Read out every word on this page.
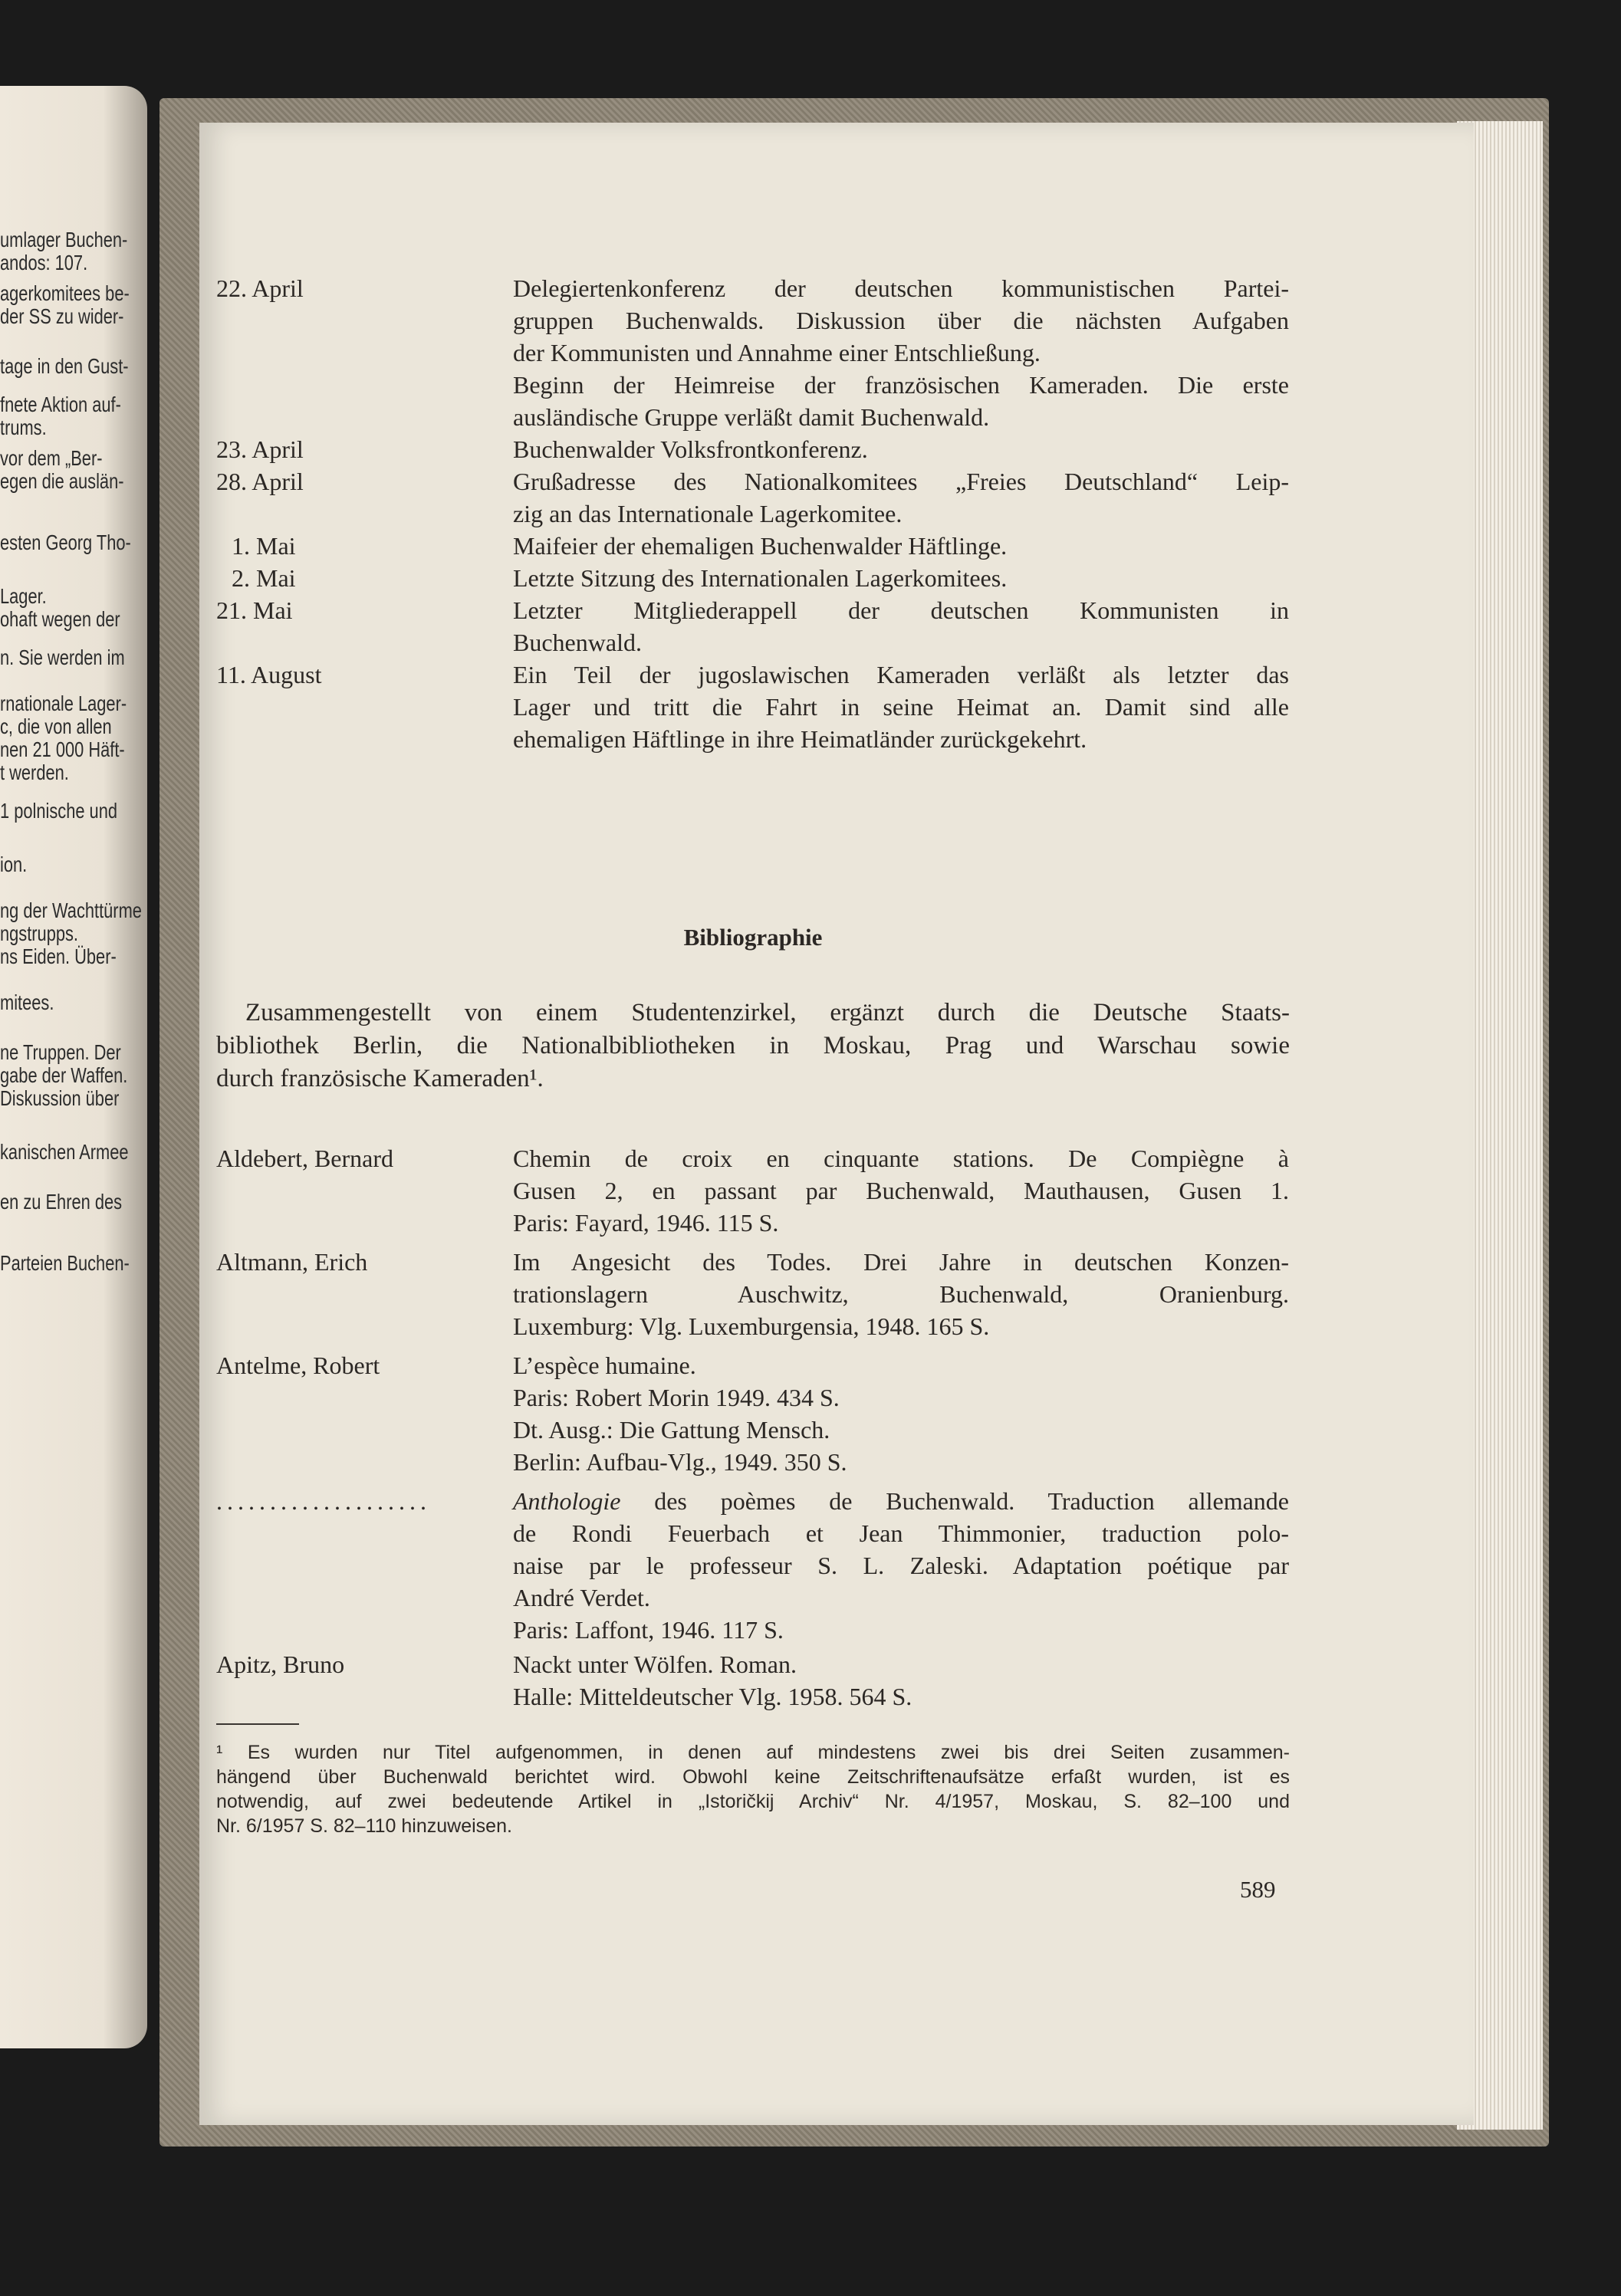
umlager Buchen-
andos: 107.
agerkomitees be-
der SS zu wider-
tage in den Gust-
fnete Aktion auf-
trums.
vor dem „Ber-
egen die auslän-
esten Georg Tho-
Lager.
ohaft wegen der
n. Sie werden im
rnationale Lager-
c, die von allen
nen 21 000 Häft-
t werden.
1 polnische und
ion.
ng der Wachttürme
ngstrupps.
ns Eiden. Über-
mitees.
ne Truppen. Der
gabe der Waffen.
Diskussion über
kanischen Armee
en zu Ehren des
Parteien Buchen-
22. April	Delegiertenkonferenz der deutschen kommunistischen Partei-
gruppen Buchenwalds. Diskussion über die nächsten Aufgaben
der Kommunisten und Annahme einer Entschließung.
Beginn der Heimreise der französischen Kameraden. Die erste
ausländische Gruppe verläßt damit Buchenwald.
23. April	Buchenwalder Volksfrontkonferenz.
28. April	Grußadresse des Nationalkomitees „Freies Deutschland“ Leip-
zig an das Internationale Lagerkomitee.
1. Mai	Maifeier der ehemaligen Buchenwalder Häftlinge.
2. Mai	Letzte Sitzung des Internationalen Lagerkomitees.
21. Mai	Letzter Mitgliederappell der deutschen Kommunisten in
Buchenwald.
11. August	Ein Teil der jugoslawischen Kameraden verläßt als letzter das
Lager und tritt die Fahrt in seine Heimat an. Damit sind alle
ehemaligen Häftlinge in ihre Heimatländer zurückgekehrt.
Bibliographie
Zusammengestellt von einem Studentenzirkel, ergänzt durch die Deutsche Staats-
bibliothek Berlin, die Nationalbibliotheken in Moskau, Prag und Warschau sowie
durch französische Kameraden¹.
Aldebert, Bernard	Chemin de croix en cinquante stations. De Compiègne à
Gusen 2, en passant par Buchenwald, Mauthausen, Gusen 1.
Paris: Fayard, 1946. 115 S.
Altmann, Erich	Im Angesicht des Todes. Drei Jahre in deutschen Konzen-
trationslagern Auschwitz, Buchenwald, Oranienburg.
Luxemburg: Vlg. Luxemburgensia, 1948. 165 S.
Antelme, Robert	L’espèce humaine.
Paris: Robert Morin 1949. 434 S.
Dt. Ausg.: Die Gattung Mensch.
Berlin: Aufbau-Vlg., 1949. 350 S.
....................	Anthologie des poèmes de Buchenwald. Traduction allemande
de Rondi Feuerbach et Jean Thimmonier, traduction polo-
naise par le professeur S. L. Zaleski. Adaptation poétique par
André Verdet.
Paris: Laffont, 1946. 117 S.
Apitz, Bruno	Nackt unter Wölfen. Roman.
Halle: Mitteldeutscher Vlg. 1958. 564 S.
¹ Es wurden nur Titel aufgenommen, in denen auf mindestens zwei bis drei Seiten zusammen-
hängend über Buchenwald berichtet wird. Obwohl keine Zeitschriftenaufsätze erfaßt wurden, ist es
notwendig, auf zwei bedeutende Artikel in „Istoričkij Archiv“ Nr. 4/1957, Moskau, S. 82–100 und
Nr. 6/1957 S. 82–110 hinzuweisen.
589
